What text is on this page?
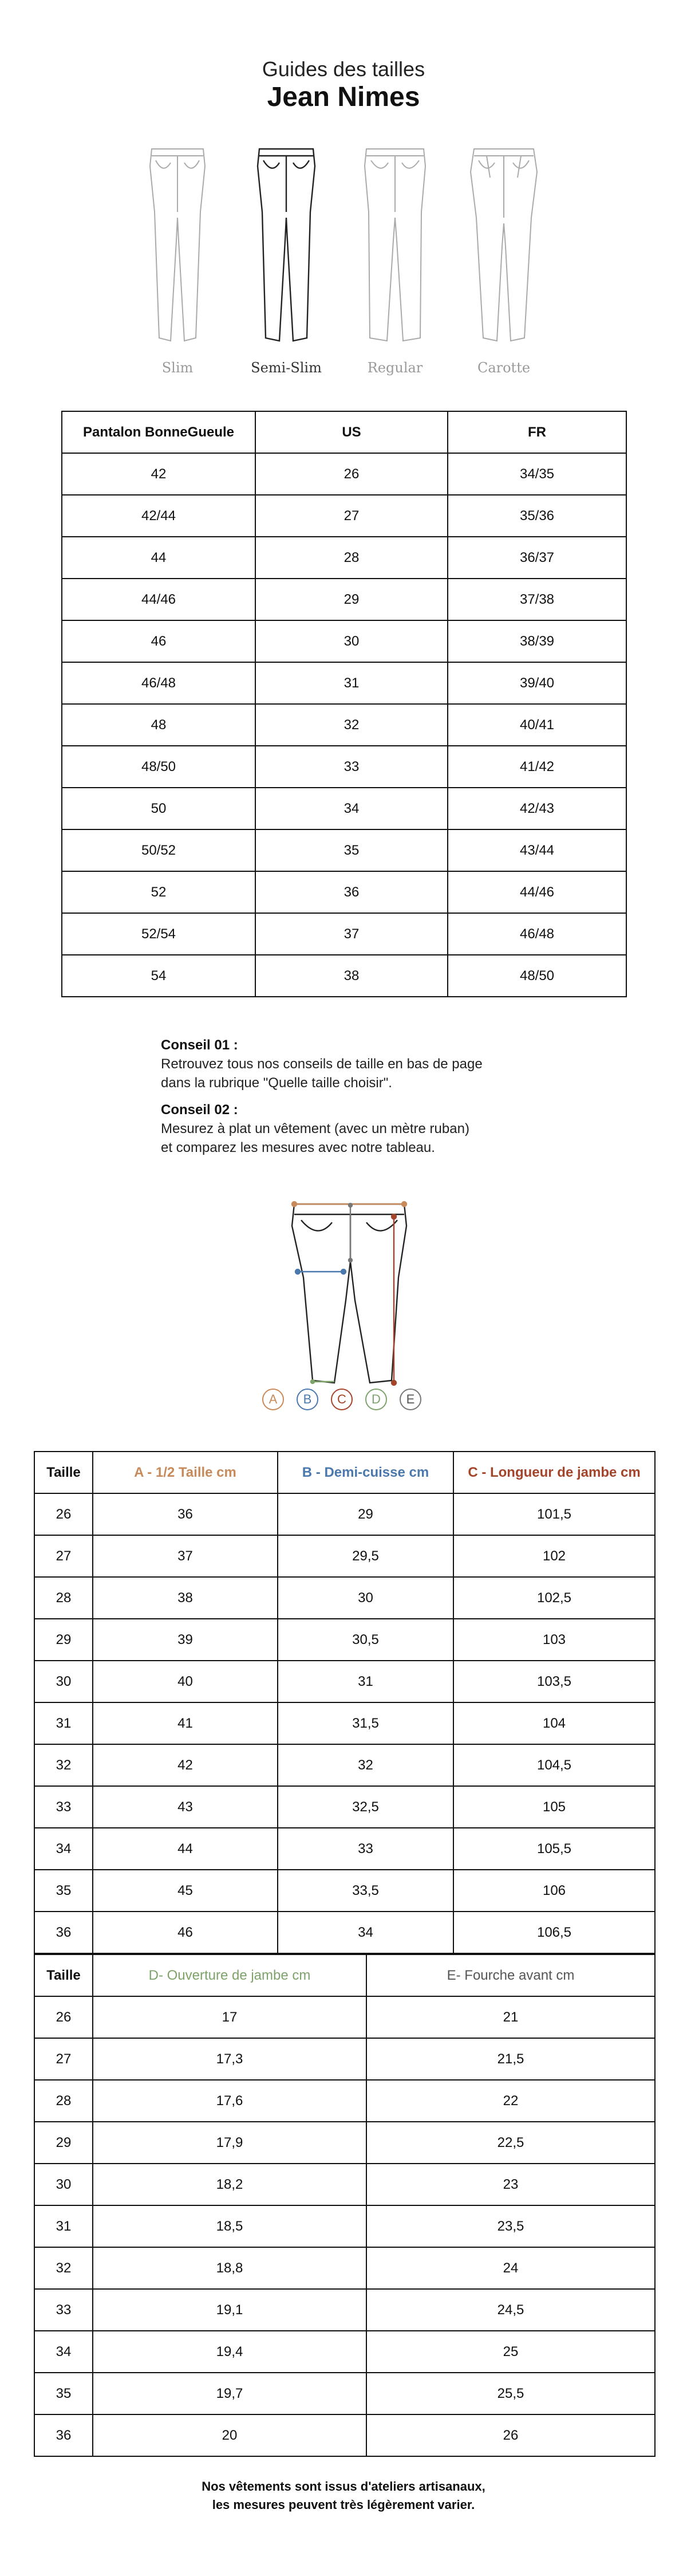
Guides des tailles
Jean Nimes
Slim	Semi-Slim	Regular	Carotte
Pantalon BonneGueule	US	FR
42	26	34/35
42/44	27	35/36
44	28	36/37
44/46	29	37/38
46	30	38/39
46/48	31	39/40
48	32	40/41
48/50	33	41/42
50	34	42/43
50/52	35	43/44
52	36	44/46
52/54	37	46/48
54	38	48/50
Conseil 01 :
Retrouvez tous nos conseils de taille en bas de page
dans la rubrique "Quelle taille choisir".
Conseil 02 :
Mesurez à plat un vêtement (avec un mètre ruban)
et comparez les mesures avec notre tableau.
A	B	C	D	E
Taille	A - 1/2 Taille cm	B - Demi-cuisse cm	C - Longueur de jambe cm
26	36	29	101,5
27	37	29,5	102
28	38	30	102,5
29	39	30,5	103
30	40	31	103,5
31	41	31,5	104
32	42	32	104,5
33	43	32,5	105
34	44	33	105,5
35	45	33,5	106
36	46	34	106,5
Taille	D- Ouverture de jambe cm	E- Fourche avant cm
26	17	21
27	17,3	21,5
28	17,6	22
29	17,9	22,5
30	18,2	23
31	18,5	23,5
32	18,8	24
33	19,1	24,5
34	19,4	25
35	19,7	25,5
36	20	26
Nos vêtements sont issus d'ateliers artisanaux,
les mesures peuvent très légèrement varier.
